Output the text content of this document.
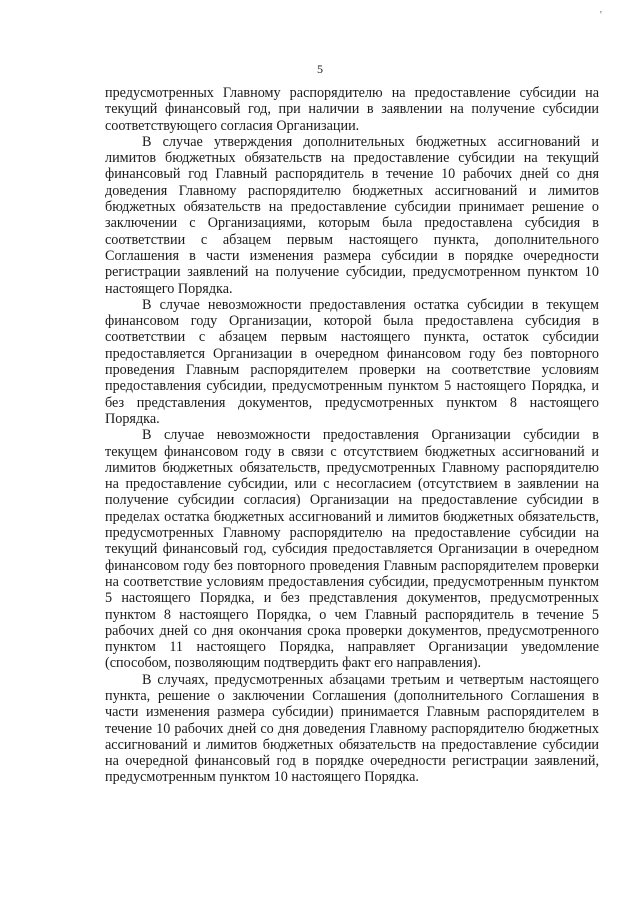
'
5

предусмотренных Главному распорядителю на предоставление субсидии на текущий финансовый год, при наличии в заявлении на получение субсидии соответствующего согласия Организации.

В случае утверждения дополнительных бюджетных ассигнований и лимитов бюджетных обязательств на предоставление субсидии на текущий финансовый год Главный распорядитель в течение 10 рабочих дней со дня доведения Главному распорядителю бюджетных ассигнований и лимитов бюджетных обязательств на предоставление субсидии принимает решение о заключении с Организациями, которым была предоставлена субсидия в соответствии с абзацем первым настоящего пункта, дополнительного Соглашения в части изменения размера субсидии в порядке очередности регистрации заявлений на получение субсидии, предусмотренном пунктом 10 настоящего Порядка.

В случае невозможности предоставления остатка субсидии в текущем финансовом году Организации, которой была предоставлена субсидия в соответствии с абзацем первым настоящего пункта, остаток субсидии предоставляется Организации в очередном финансовом году без повторного проведения Главным распорядителем проверки на соответствие условиям предоставления субсидии, предусмотренным пунктом 5 настоящего Порядка, и без представления документов, предусмотренных пунктом 8 настоящего Порядка.

В случае невозможности предоставления Организации субсидии в текущем финансовом году в связи с отсутствием бюджетных ассигнований и лимитов бюджетных обязательств, предусмотренных Главному распорядителю на предоставление субсидии, или с несогласием (отсутствием в заявлении на получение субсидии согласия) Организации на предоставление субсидии в пределах остатка бюджетных ассигнований и лимитов бюджетных обязательств, предусмотренных Главному распорядителю на предоставление субсидии на текущий финансовый год, субсидия предоставляется Организации в очередном финансовом году без повторного проведения Главным распорядителем проверки на соответствие условиям предоставления субсидии, предусмотренным пунктом 5 настоящего Порядка, и без представления документов, предусмотренных пунктом 8 настоящего Порядка, о чем Главный распорядитель в течение 5 рабочих дней со дня окончания срока проверки документов, предусмотренного пунктом 11 настоящего Порядка, направляет Организации уведомление (способом, позволяющим подтвердить факт его направления).

В случаях, предусмотренных абзацами третьим и четвертым настоящего пункта, решение о заключении Соглашения (дополнительного Соглашения в части изменения размера субсидии) принимается Главным распорядителем в течение 10 рабочих дней со дня доведения Главному распорядителю бюджетных ассигнований и лимитов бюджетных обязательств на предоставление субсидии на очередной финансовый год в порядке очередности регистрации заявлений, предусмотренным пунктом 10 настоящего Порядка.
